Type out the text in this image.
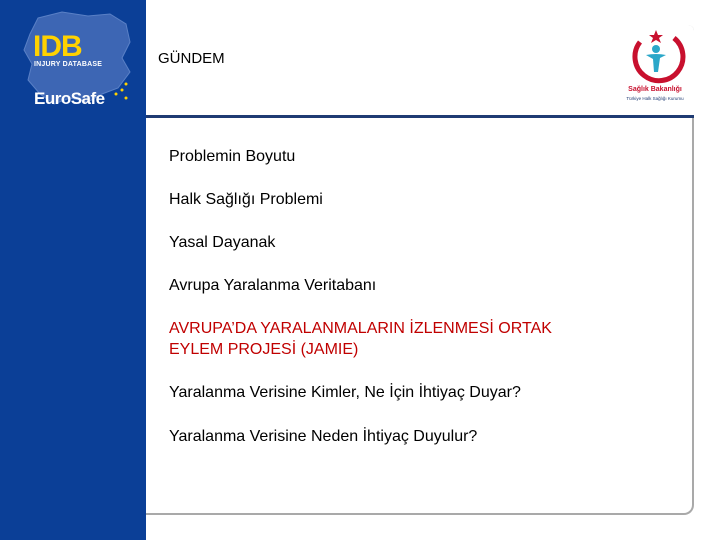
IDB
INJURY DATABASE
EuroSafe
GÜNDEM
Sağlık Bakanlığı
Türkiye Halk Sağlığı Kurumu
Problemin Boyutu
Halk Sağlığı Problemi
Yasal Dayanak
Avrupa Yaralanma Veritabanı
AVRUPA’DA YARALANMALARIN İZLENMESİ ORTAK
EYLEM PROJESİ (JAMIE)
Yaralanma Verisine Kimler, Ne İçin İhtiyaç Duyar?
Yaralanma Verisine Neden İhtiyaç Duyulur?
